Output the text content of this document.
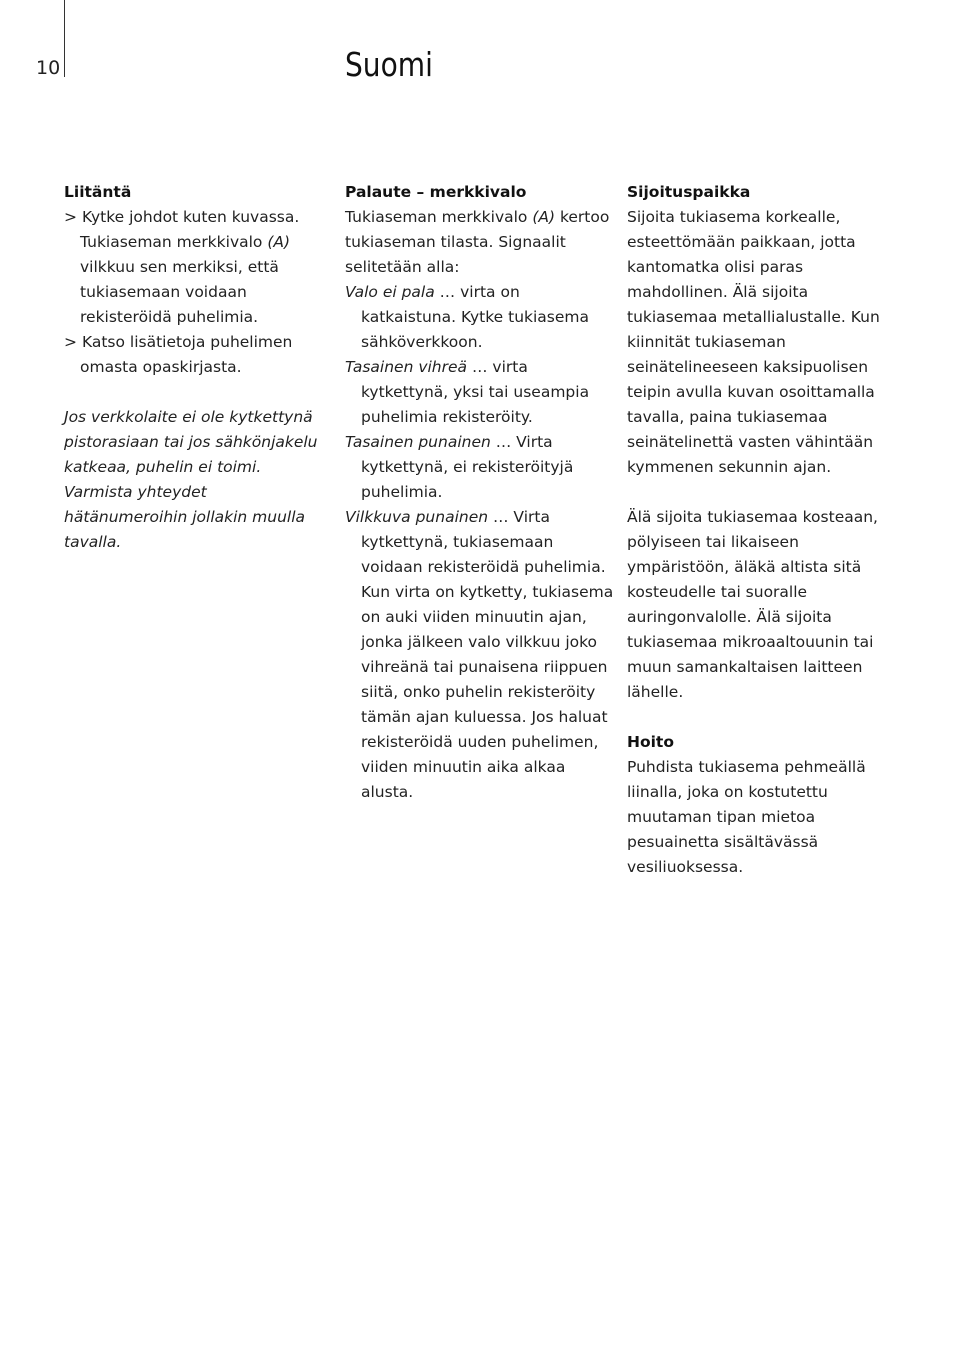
10	Suomi

Liitäntä

> Kytke johdot kuten kuvassa. Tukiaseman merkkivalo (A) vilkkuu sen merkiksi, että tukiasemaan voidaan rekisteröidä puhelimia.

> Katso lisätietoja puhelimen omasta opaskirjasta.

Jos verkkolaite ei ole kytkettynä pistorasiaan tai jos sähkönjakelu katkeaa, puhelin ei toimi. Varmista yhteydet hätänumeroihin jollakin muulla tavalla.

Palaute – merkkivalo

Tukiaseman merkkivalo (A) kertoo tukiaseman tilasta. Signaalit selitetään alla:

Valo ei pala … virta on katkaistuna. Kytke tukiasema sähköverkkoon.

Tasainen vihreä … virta kytkettynä, yksi tai useampia puhelimia rekisteröity.

Tasainen punainen … Virta kytkettynä, ei rekisteröityjä puhelimia.

Vilkkuva punainen … Virta kytkettynä, tukiasemaan voidaan rekisteröidä puhelimia. Kun virta on kytketty, tukiasema on auki viiden minuutin ajan, jonka jälkeen valo vilkkuu joko vihreänä tai punaisena riippuen siitä, onko puhelin rekisteröity tämän ajan kuluessa. Jos haluat rekisteröidä uuden puhelimen, viiden minuutin aika alkaa alusta.

Sijoituspaikka

Sijoita tukiasema korkealle, esteettömään paikkaan, jotta kantomatka olisi paras mahdollinen. Älä sijoita tukiasemaa metallialustalle. Kun kiinnität tukiaseman seinätelineeseen kaksipuolisen teipin avulla kuvan osoittamalla tavalla, paina tukiasemaa seinätelinettä vasten vähintään kymmenen sekunnin ajan.

Älä sijoita tukiasemaa kosteaan, pölyiseen tai likaiseen ympäristöön, äläkä altista sitä kosteudelle tai suoralle auringonvalolle. Älä sijoita tukiasemaa mikroaaltouunin tai muun samankaltaisen laitteen lähelle.

Hoito

Puhdista tukiasema pehmeällä liinalla, joka on kostutettu muutaman tipan mietoa pesuainetta sisältävässä vesiliuoksessa.
